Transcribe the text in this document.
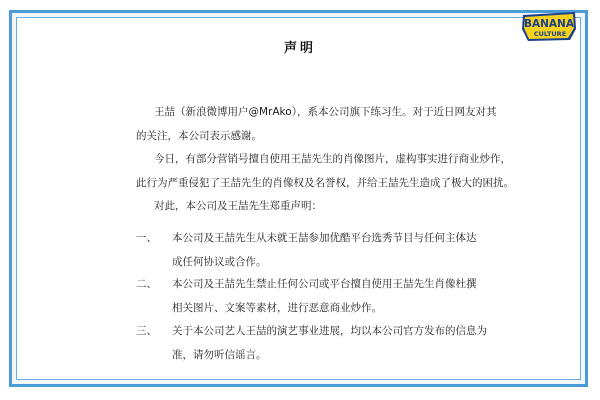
BANANA
CULTURE
声明
王喆（新浪微博用户@MrAko），系本公司旗下练习生。对于近日网友对其
的关注，本公司表示感谢。
今日，有部分营销号擅自使用王喆先生的肖像图片，虚构事实进行商业炒作，
此行为严重侵犯了王喆先生的肖像权及名誉权，并给王喆先生造成了极大的困扰。
对此，本公司及王喆先生郑重声明：
一、 本公司及王喆先生从未就王喆参加优酷平台选秀节目与任何主体达
成任何协议或合作。
二、 本公司及王喆先生禁止任何公司或平台擅自使用王喆先生肖像杜撰
相关图片、文案等素材，进行恶意商业炒作。
三、 关于本公司艺人王喆的演艺事业进展，均以本公司官方发布的信息为
准，请勿听信谣言。
